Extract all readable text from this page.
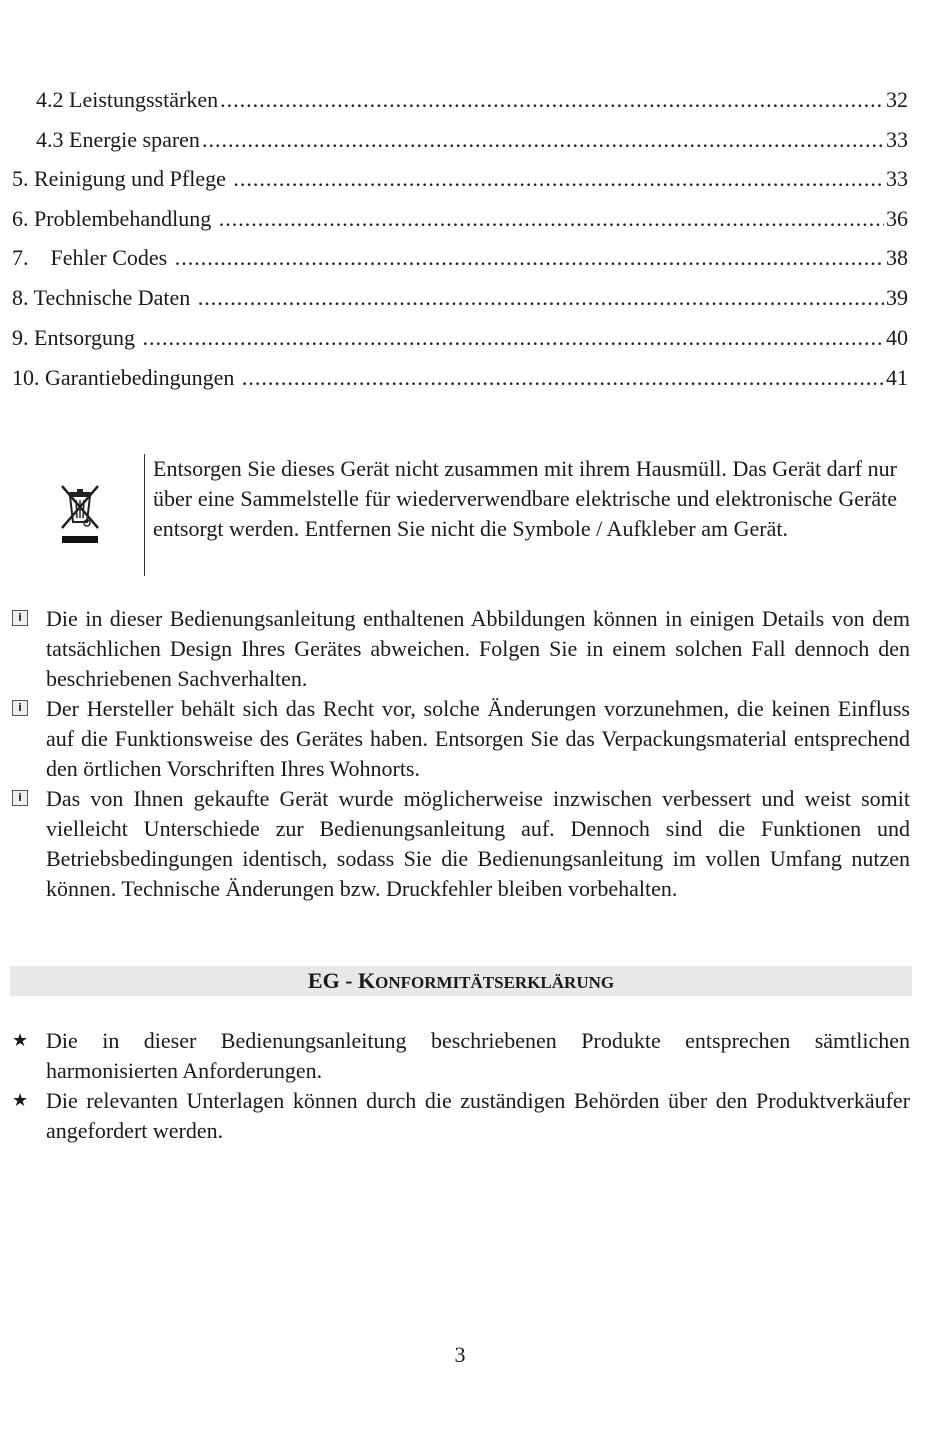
4.2 Leistungsstärken .....	32
4.3 Energie sparen .....	33
5. Reinigung und Pflege .....	33
6. Problembehandlung .....	36
7.    Fehler Codes .....	38
8. Technische Daten .....	39
9. Entsorgung .....	40
10. Garantiebedingungen .....	41
Entsorgen Sie dieses Gerät nicht zusammen mit ihrem Hausmüll. Das Gerät darf nur über eine Sammelstelle für wiederverwendbare elektrische und elektronische Geräte entsorgt werden. Entfernen Sie nicht die Symbole / Aufkleber am Gerät.
i Die in dieser Bedienungsanleitung enthaltenen Abbildungen können in einigen Details von dem tatsächlichen Design Ihres Gerätes abweichen. Folgen Sie in einem solchen Fall dennoch den beschriebenen Sachverhalten.
i Der Hersteller behält sich das Recht vor, solche Änderungen vorzunehmen, die keinen Einfluss auf die Funktionsweise des Gerätes haben. Entsorgen Sie das Verpackungsmaterial entsprechend den örtlichen Vorschriften Ihres Wohnorts.
i Das von Ihnen gekaufte Gerät wurde möglicherweise inzwischen verbessert und weist somit vielleicht Unterschiede zur Bedienungsanleitung auf. Dennoch sind die Funktionen und Betriebsbedingungen identisch, sodass Sie die Bedienungsanleitung im vollen Umfang nutzen können. Technische Änderungen bzw. Druckfehler bleiben vorbehalten.
EG - KONFORMITÄTSERKLÄRUNG
★ Die in dieser Bedienungsanleitung beschriebenen Produkte entsprechen sämtlichen harmonisierten Anforderungen.
★ Die relevanten Unterlagen können durch die zuständigen Behörden über den Produktverkäufer angefordert werden.
3
